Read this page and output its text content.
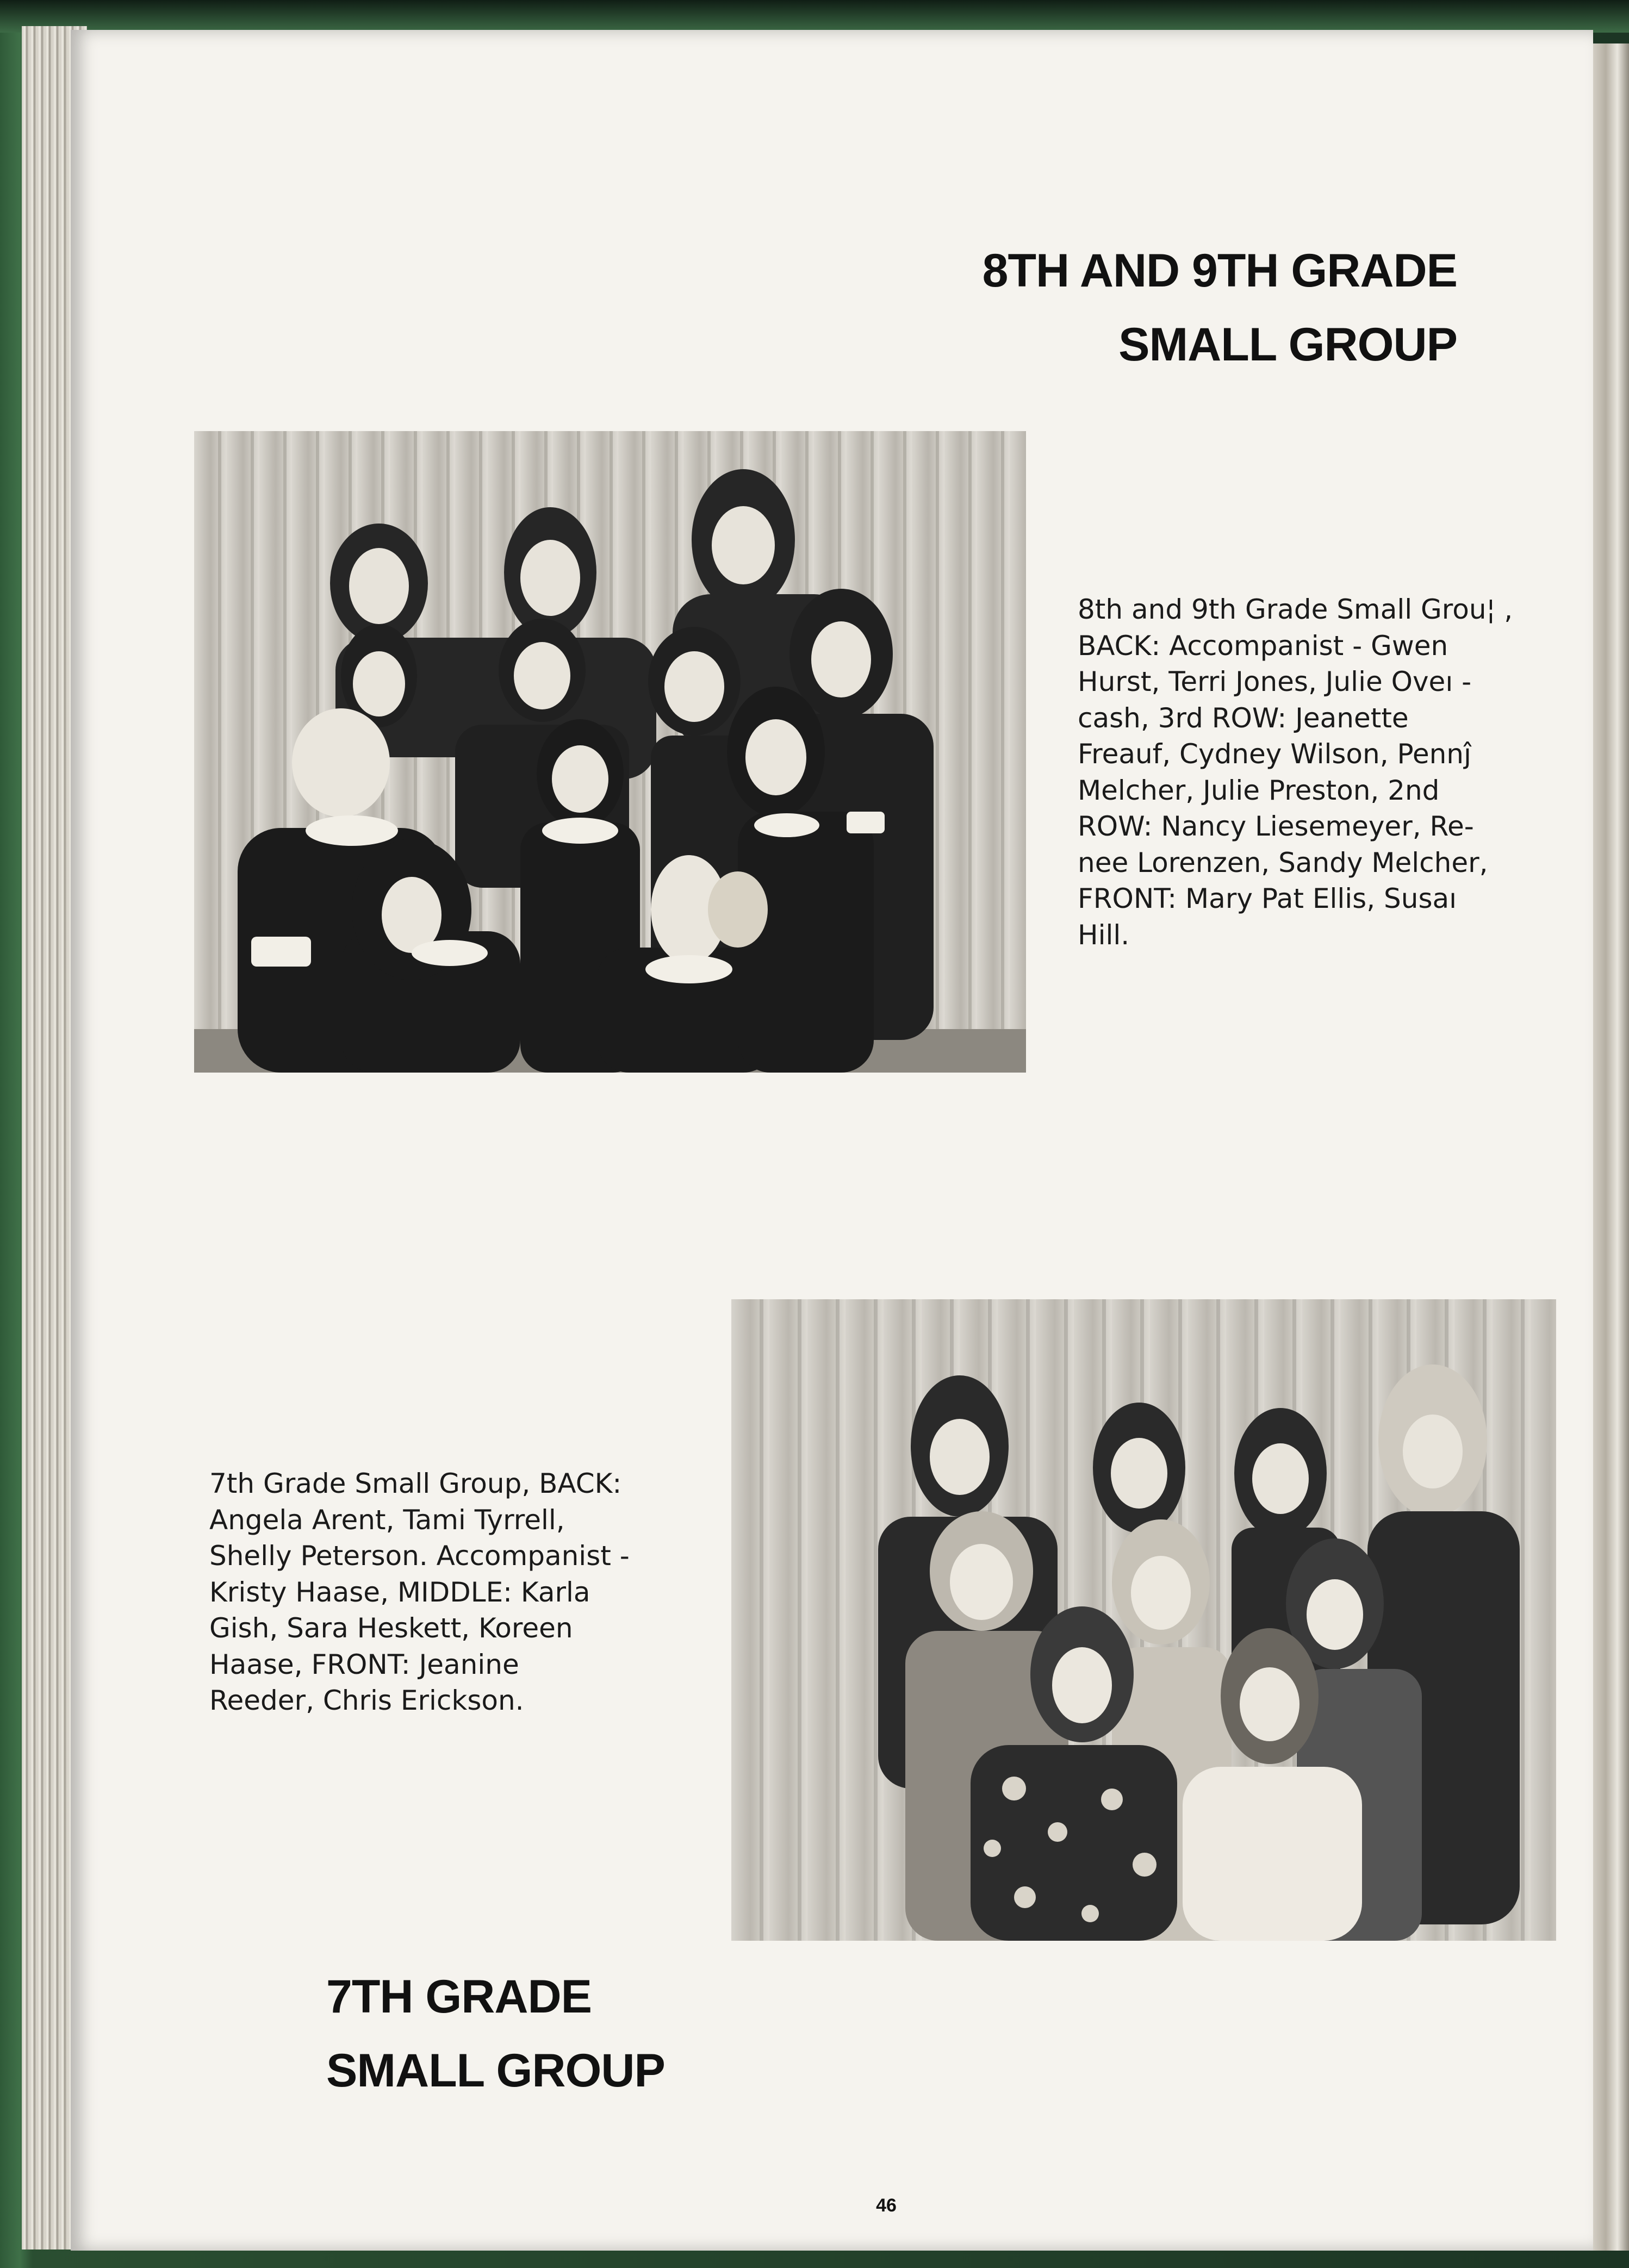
8TH AND 9TH GRADE
SMALL GROUP
8th and 9th Grade Small Grou¦ ,
BACK: Accompanist - Gwen
Hurst, Terri Jones, Julie Oveı -
cash, 3rd ROW: Jeanette
Freauf, Cydney Wilson, Pennĵ
Melcher, Julie Preston, 2nd
ROW: Nancy Liesemeyer, Re-
nee Lorenzen, Sandy Melcher,
FRONT: Mary Pat Ellis, Susaı
Hill.
7th Grade Small Group, BACK:
Angela Arent, Tami Tyrrell,
Shelly Peterson. Accompanist -
Kristy Haase, MIDDLE: Karla
Gish, Sara Heskett, Koreen
Haase, FRONT: Jeanine
Reeder, Chris Erickson.
7TH GRADE
SMALL GROUP
46
